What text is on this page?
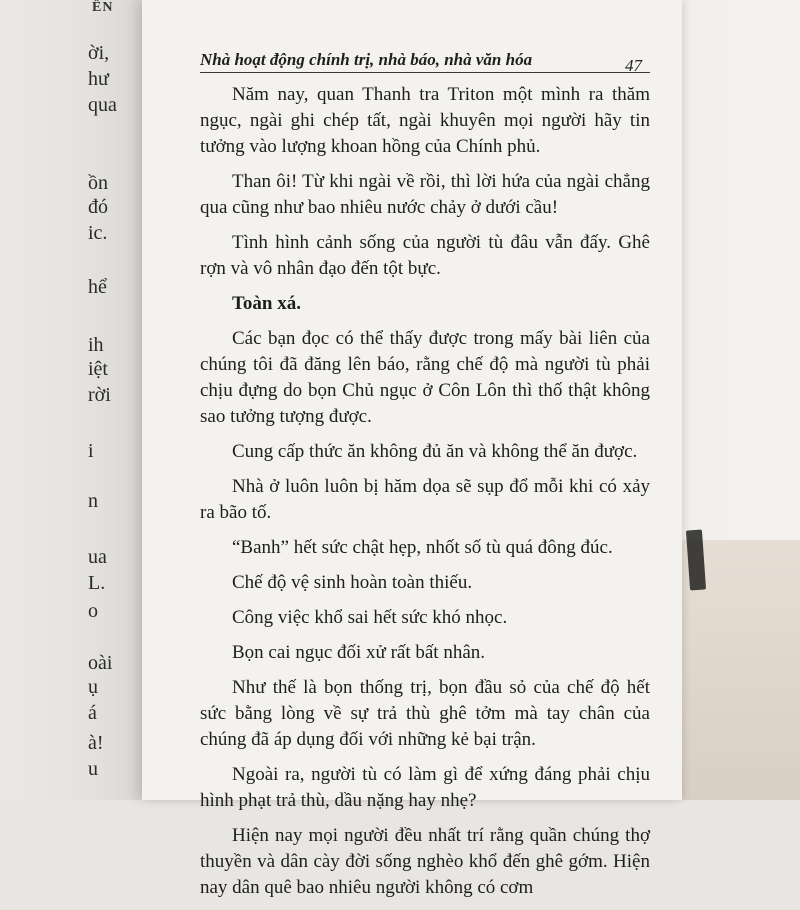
ÊN
ời,
hư
qua
ồn
đó
ic.
hể
ih
iệt
rời
i
n
ua
L.
o
oài
ụ
á
à!
u
Nhà hoạt động chính trị, nhà báo, nhà văn hóa	47

Năm nay, quan Thanh tra Triton một mình ra thăm ngục, ngài ghi chép tất, ngài khuyên mọi người hãy tin tưởng vào lượng khoan hồng của Chính phủ.

Than ôi! Từ khi ngài về rồi, thì lời hứa của ngài chẳng qua cũng như bao nhiêu nước chảy ở dưới cầu!

Tình hình cảnh sống của người tù đâu vẫn đấy. Ghê rợn và vô nhân đạo đến tột bực.

Toàn xá.

Các bạn đọc có thể thấy được trong mấy bài liên của chúng tôi đã đăng lên báo, rằng chế độ mà người tù phải chịu đựng do bọn Chủ ngục ở Côn Lôn thì thố thật không sao tưởng tượng được.

Cung cấp thức ăn không đủ ăn và không thể ăn được.

Nhà ở luôn luôn bị hăm dọa sẽ sụp đổ mỗi khi có xảy ra bão tố.

“Banh” hết sức chật hẹp, nhốt số tù quá đông đúc.

Chế độ vệ sinh hoàn toàn thiếu.

Công việc khổ sai hết sức khó nhọc.

Bọn cai ngục đối xử rất bất nhân.

Như thế là bọn thống trị, bọn đầu sỏ của chế độ hết sức bằng lòng về sự trả thù ghê tởm mà tay chân của chúng đã áp dụng đối với những kẻ bại trận.

Ngoài ra, người tù có làm gì để xứng đáng phải chịu hình phạt trả thù, dầu nặng hay nhẹ?

Hiện nay mọi người đều nhất trí rằng quần chúng thợ thuyền và dân cày đời sống nghèo khổ đến ghê gớm. Hiện nay dân quê bao nhiêu người không có cơm
